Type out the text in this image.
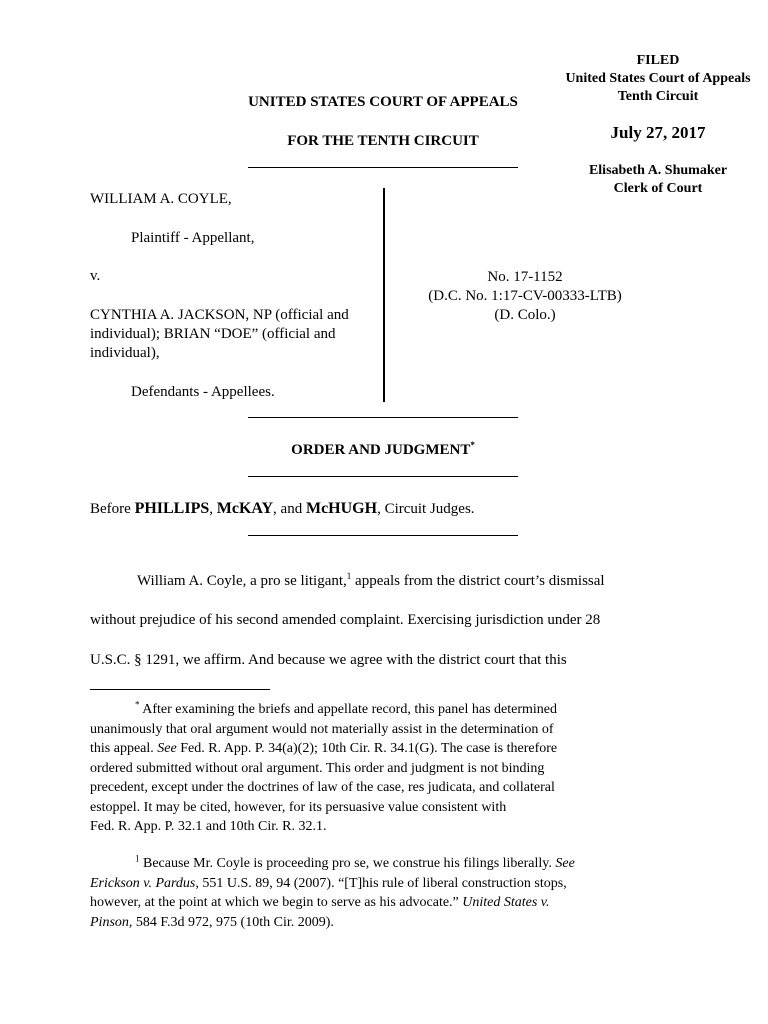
FILED
United States Court of Appeals
Tenth Circuit
July 27, 2017
Elisabeth A. Shumaker
Clerk of Court
UNITED STATES COURT OF APPEALS
FOR THE TENTH CIRCUIT
WILLIAM A. COYLE,
Plaintiff - Appellant,
v.
CYNTHIA A. JACKSON, NP (official and
individual); BRIAN “DOE” (official and
individual),
Defendants - Appellees.
No. 17-1152
(D.C. No. 1:17-CV-00333-LTB)
(D. Colo.)
ORDER AND JUDGMENT*
Before PHILLIPS, McKAY, and McHUGH, Circuit Judges.
William A. Coyle, a pro se litigant,$^1$ appeals from the district court’s dismissal
without prejudice of his second amended complaint. Exercising jurisdiction under 28
U.S.C. § 1291, we affirm. And because we agree with the district court that this
* After examining the briefs and appellate record, this panel has determined
unanimously that oral argument would not materially assist in the determination of
this appeal. See Fed. R. App. P. 34(a)(2); 10th Cir. R. 34.1(G). The case is therefore
ordered submitted without oral argument. This order and judgment is not binding
precedent, except under the doctrines of law of the case, res judicata, and collateral
estoppel. It may be cited, however, for its persuasive value consistent with
Fed. R. App. P. 32.1 and 10th Cir. R. 32.1.
$^1$ Because Mr. Coyle is proceeding pro se, we construe his filings liberally. See
Erickson v. Pardus, 551 U.S. 89, 94 (2007). “[T]his rule of liberal construction stops,
however, at the point at which we begin to serve as his advocate.” United States v.
Pinson, 584 F.3d 972, 975 (10th Cir. 2009).
